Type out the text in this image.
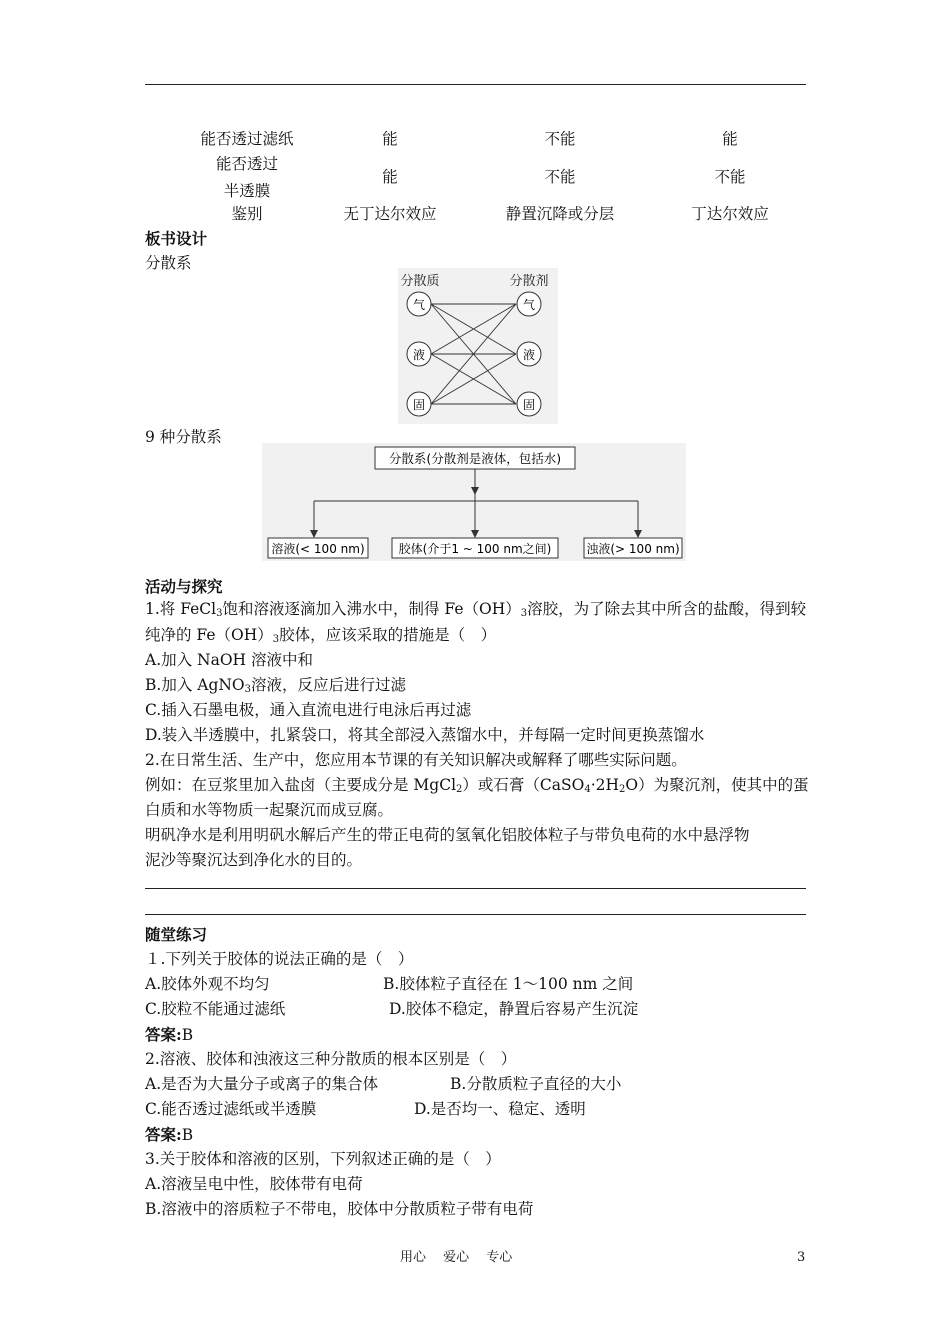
能否透过滤纸	能	不能	能
能否透过
半透膜
能	不能	不能
鉴别	无丁达尔效应	静置沉降或分层	丁达尔效应
板书设计
分散系
分散质	分散剂
气
液
固
气
液
固
9 种分散系
分散系(分散剂是液体，包括水)
溶液(< 100 nm)	胶体(介于1 ~ 100 nm之间)	浊液(> 100 nm)
活动与探究
1.将 FeCl$_3$饱和溶液逐滴加入沸水中，制得 $Fe(OH)_3$溶胶，为了除去其中所含的盐酸，得到较
纯净的 $Fe(OH)_3$胶体，应该采取的措施是（　）
A.加入 NaOH 溶液中和
B.加入 AgNO$_3$溶液，反应后进行过滤
C.插入石墨电极，通入直流电进行电泳后再过滤
D.装入半透膜中，扎紧袋口，将其全部浸入蒸馏水中，并每隔一定时间更换蒸馏水
2.在日常生活、生产中，您应用本节课的有关知识解决或解释了哪些实际问题。
例如：在豆浆里加入盐卤（主要成分是 MgCl$_2$）或石膏$(CaSO_4\cdot 2H_2O)$为聚沉剂，使其中的蛋
白质和水等物质一起聚沉而成豆腐。
明矾净水是利用明矾水解后产生的带正电荷的氢氧化铝胶体粒子与带负电荷的水中悬浮物
泥沙等聚沉达到净化水的目的。
随堂练习
１.下列关于胶体的说法正确的是（　）
A.胶体外观不均匀	B.胶体粒子直径在 1～100 nm 之间
C.胶粒不能通过滤纸	D.胶体不稳定，静置后容易产生沉淀
答案:B
2.溶液、胶体和浊液这三种分散质的根本区别是（　）
A.是否为大量分子或离子的集合体	B.分散质粒子直径的大小
C.能否透过滤纸或半透膜	D.是否均一、稳定、透明
答案:B
3.关于胶体和溶液的区别，下列叙述正确的是（　）
A.溶液呈电中性，胶体带有电荷
B.溶液中的溶质粒子不带电，胶体中分散质粒子带有电荷
用心　 爱心　 专心	3
